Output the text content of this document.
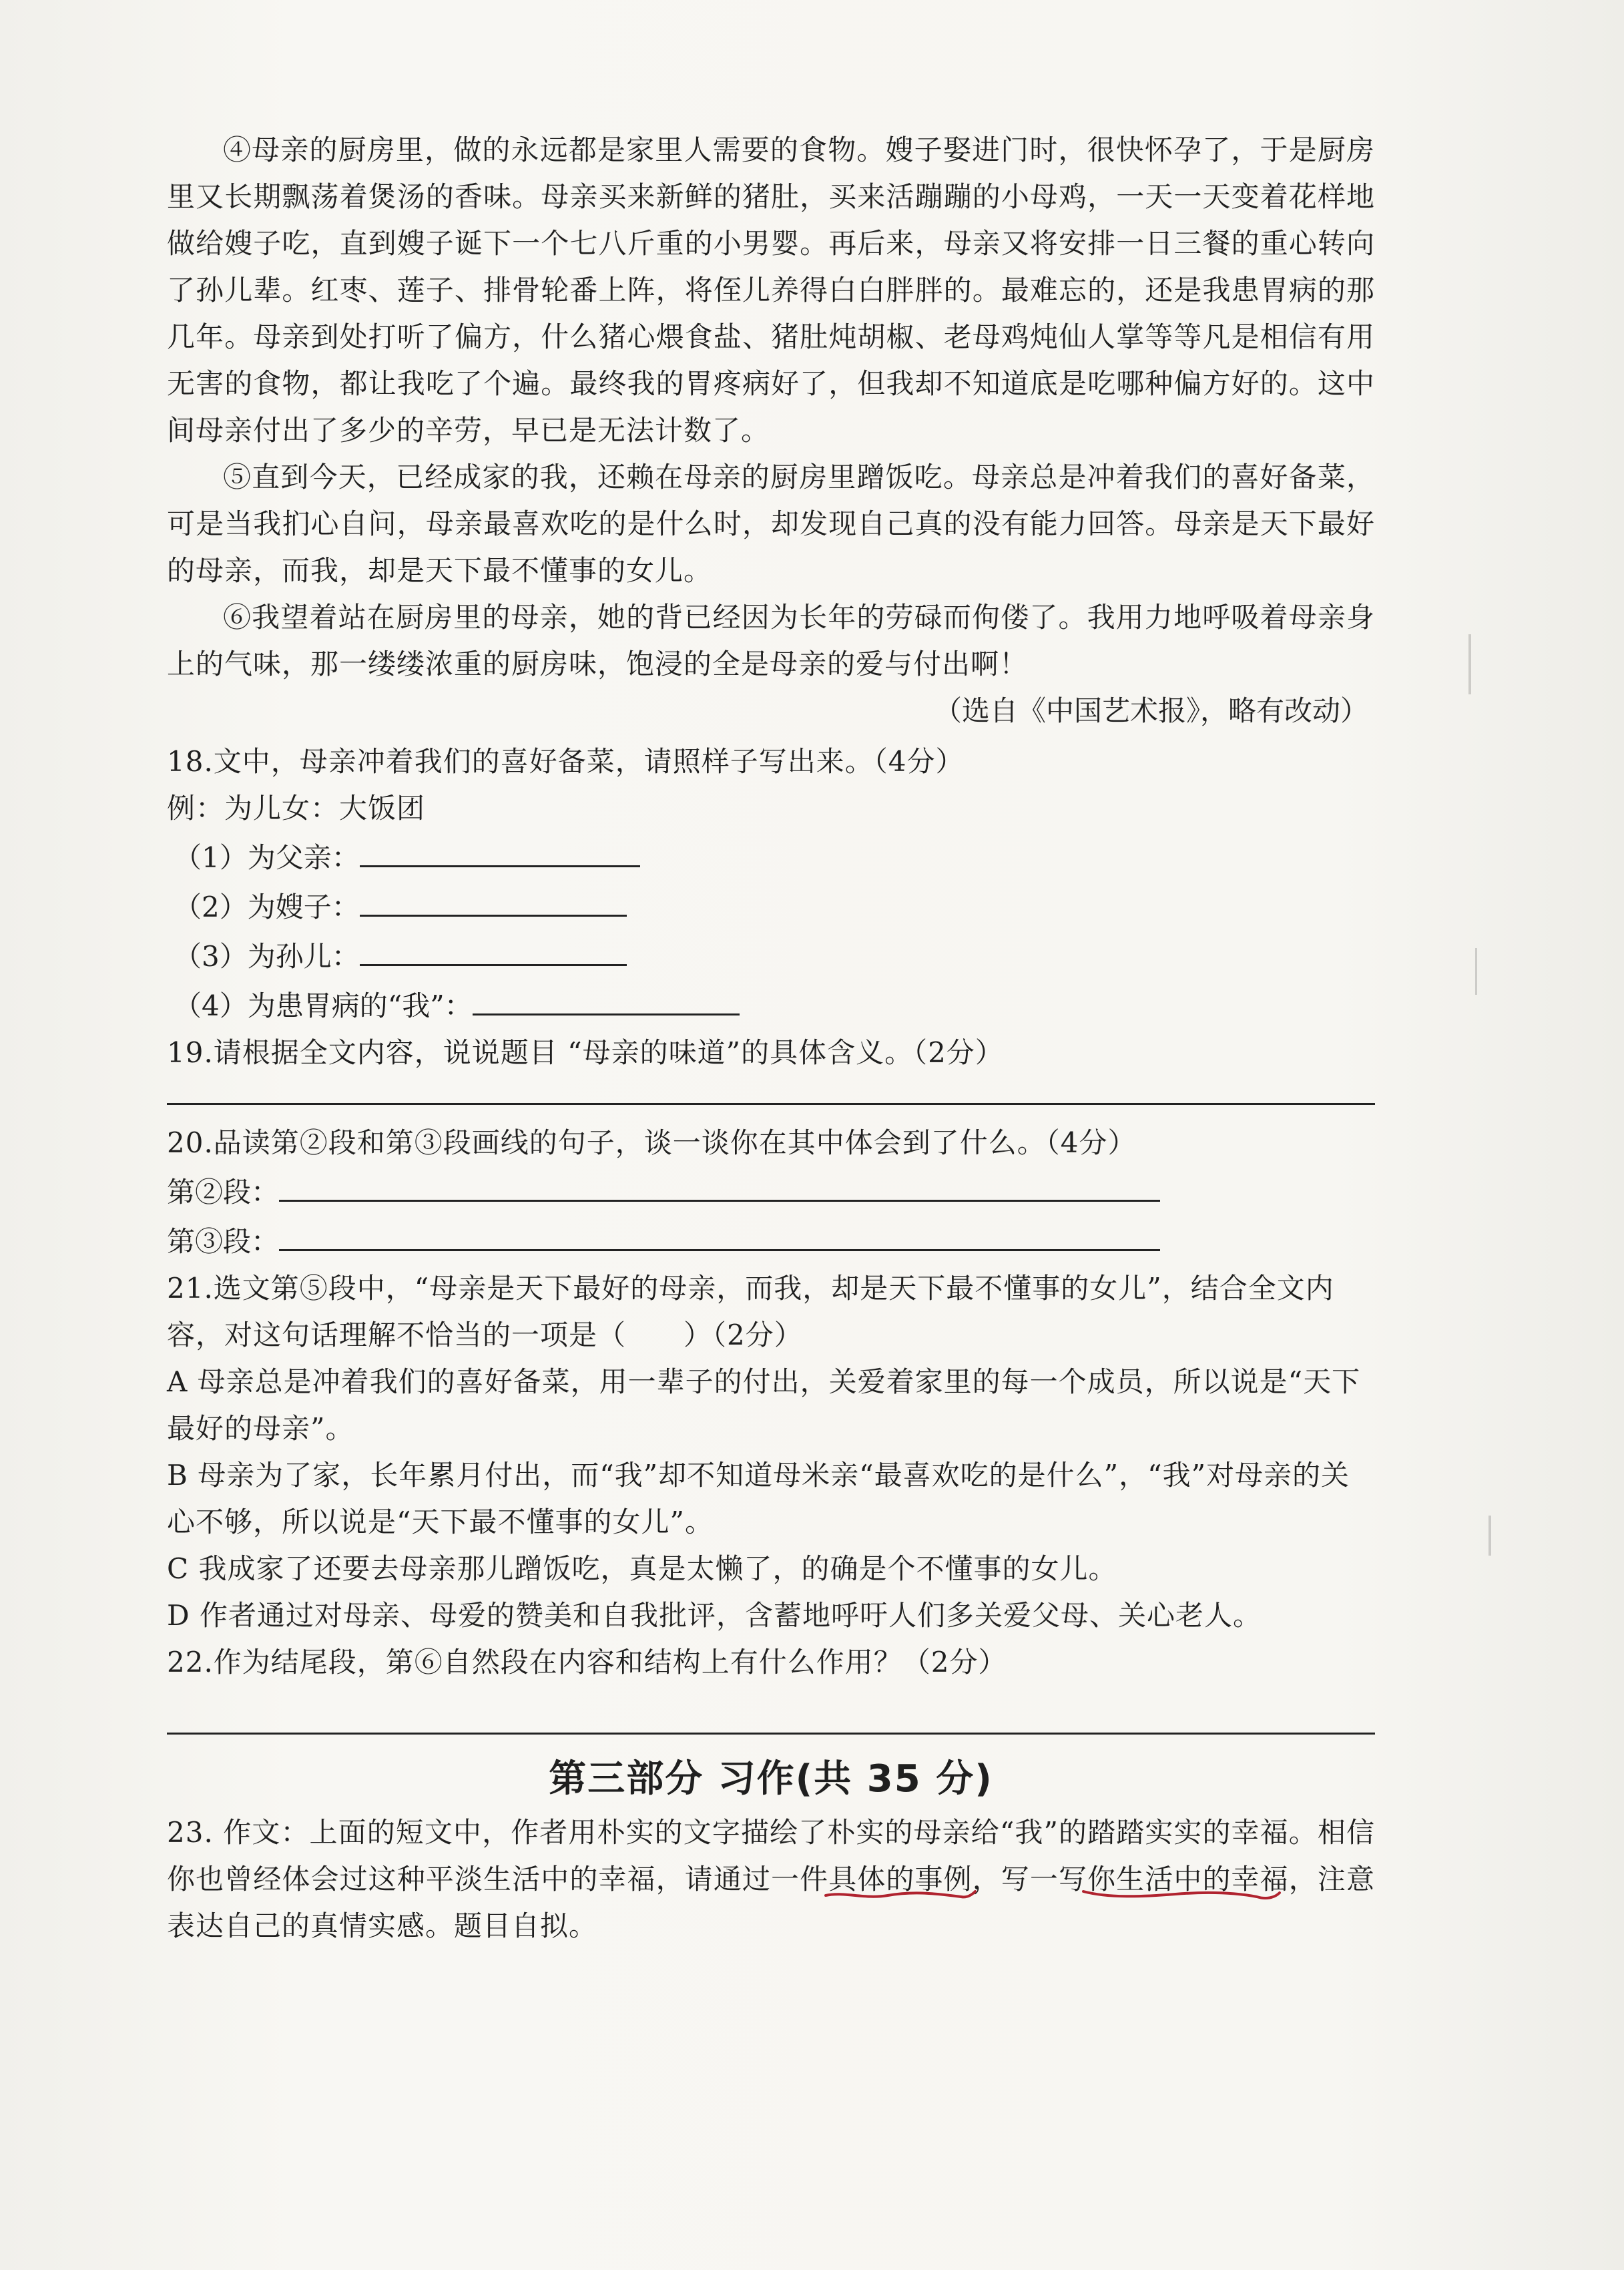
④母亲的厨房里，做的永远都是家里人需要的食物。嫂子娶进门时，很快怀孕了，于是厨房里又长期飘荡着煲汤的香味。母亲买来新鲜的猪肚，买来活蹦蹦的小母鸡，一天一天变着花样地做给嫂子吃，直到嫂子诞下一个七八斤重的小男婴。再后来，母亲又将安排一日三餐的重心转向了孙儿辈。红枣、莲子、排骨轮番上阵，将侄儿养得白白胖胖的。最难忘的，还是我患胃病的那几年。母亲到处打听了偏方，什么猪心煨食盐、猪肚炖胡椒、老母鸡炖仙人掌等等凡是相信有用无害的食物，都让我吃了个遍。最终我的胃疼病好了，但我却不知道底是吃哪种偏方好的。这中间母亲付出了多少的辛劳，早已是无法计数了。

⑤直到今天，已经成家的我，还赖在母亲的厨房里蹭饭吃。母亲总是冲着我们的喜好备菜，可是当我扪心自问，母亲最喜欢吃的是什么时，却发现自己真的没有能力回答。母亲是天下最好的母亲，而我，却是天下最不懂事的女儿。

⑥我望着站在厨房里的母亲，她的背已经因为长年的劳碌而佝偻了。我用力地呼吸着母亲身上的气味，那一缕缕浓重的厨房味，饱浸的全是母亲的爱与付出啊！

（选自《中国艺术报》，略有改动）

18.文中，母亲冲着我们的喜好备菜，请照样子写出来。（4分）

例：为儿女：大饭团

（1）为父亲：

（2）为嫂子：

（3）为孙儿：

（4）为患胃病的“我”：

19.请根据全文内容，说说题目 “母亲的味道”的具体含义。（2分）

20.品读第②段和第③段画线的句子，谈一谈你在其中体会到了什么。（4分）

第②段：

第③段：

21.选文第⑤段中，“母亲是天下最好的母亲，而我，却是天下最不懂事的女儿”，结合全文内容，对这句话理解不恰当的一项是（　　）（2分）

A 母亲总是冲着我们的喜好备菜，用一辈子的付出，关爱着家里的每一个成员，所以说是“天下最好的母亲”。

B 母亲为了家，长年累月付出，而“我”却不知道母米亲“最喜欢吃的是什么”，“我”对母亲的关心不够，所以说是“天下最不懂事的女儿”。

C 我成家了还要去母亲那儿蹭饭吃，真是太懒了，的确是个不懂事的女儿。

D 作者通过对母亲、母爱的赞美和自我批评，含蓄地呼吁人们多关爱父母、关心老人。

22.作为结尾段，第⑥自然段在内容和结构上有什么作用？（2分）

第三部分 习作(共 35 分)

23. 作文：上面的短文中，作者用朴实的文字描绘了朴实的母亲给“我”的踏踏实实的幸福。相信你也曾经体会过这种平淡生活中的幸福，请通过一件具体的事例
，写一写你生活中的幸
福，注意表达自己的真情实感。题目自拟。
